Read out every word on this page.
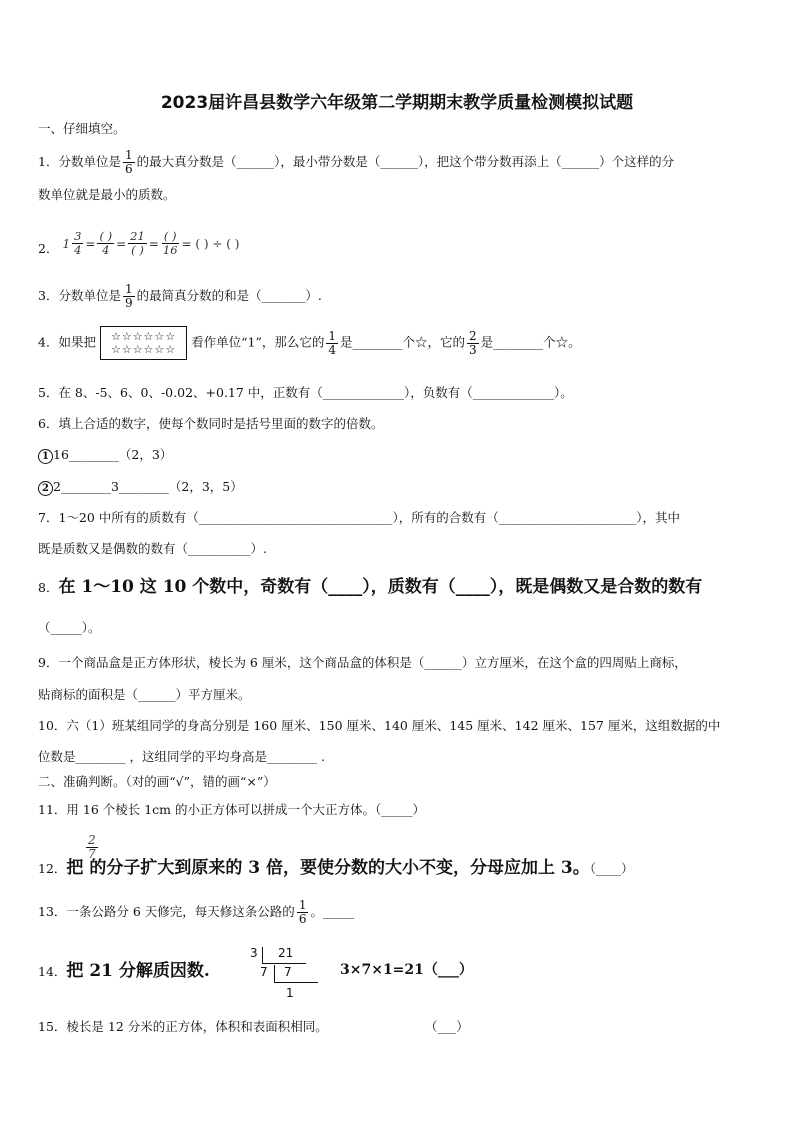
2023届许昌县数学六年级第二学期期末教学质量检测模拟试题
一、仔细填空。
1．分数单位是 $\frac{1}{6}$ 的最大真分数是（______），最小带分数是（______），把这个带分数再添上（______）个这样的分
数单位就是最小的质数。
2． $1 \frac{3}{4} = \frac{( )}{4} = \frac{21}{( )} = \frac{( )}{16}$ = ( ) ÷ ( )
3．分数单位是 $\frac{1}{9}$ 的最简真分数的和是（_______）.
4．如果把 ☆☆☆☆☆☆
☆☆☆☆☆☆ 看作单位“1”，那么它的 $\frac{1}{4}$ 是________个☆，它的 $\frac{2}{3}$ 是________个☆。
5．在 8、-5、6、0、-0.02、+0.17 中，正数有（_____________），负数有（_____________）。
6．填上合适的数字，使每个数同时是括号里面的数字的倍数。
1 16________（2，3）
2 2________3________（2，3，5）
7．1～20 中所有的质数有（_______________________________），所有的合数有（______________________），其中
既是质数又是偶数的数有（__________）.
8．在 1～10 这 10 个数中，奇数有（____），质数有（____），既是偶数又是合数的数有
（_____）。
9．一个商品盒是正方体形状，棱长为 6 厘米，这个商品盒的体积是（______）立方厘米，在这个盒的四周贴上商标，
贴商标的面积是（______）平方厘米。
10．六（1）班某组同学的身高分别是 160 厘米、150 厘米、140 厘米、145 厘米、142 厘米、157 厘米，这组数据的中
位数是________ ，这组同学的平均身高是________ .
二、准确判断。（对的画“√”，错的画“×”）
11．用 16 个棱长 1cm 的小正方体可以拼成一个大正方体。（_____）
12．把 的分子扩大到原来的 3 倍，要使分数的大小不变，分母应加上 3。（____）
$\frac{2}{7}$
13．一条公路分 6 天修完，每天修这条公路的 $\frac{1}{6}$ 。_____
14．把 21 分解质因数.
3 21
7 7
1
3×7×1=21（___）
15．棱长是 12 分米的正方体，体积和表面积相同。	（___）
